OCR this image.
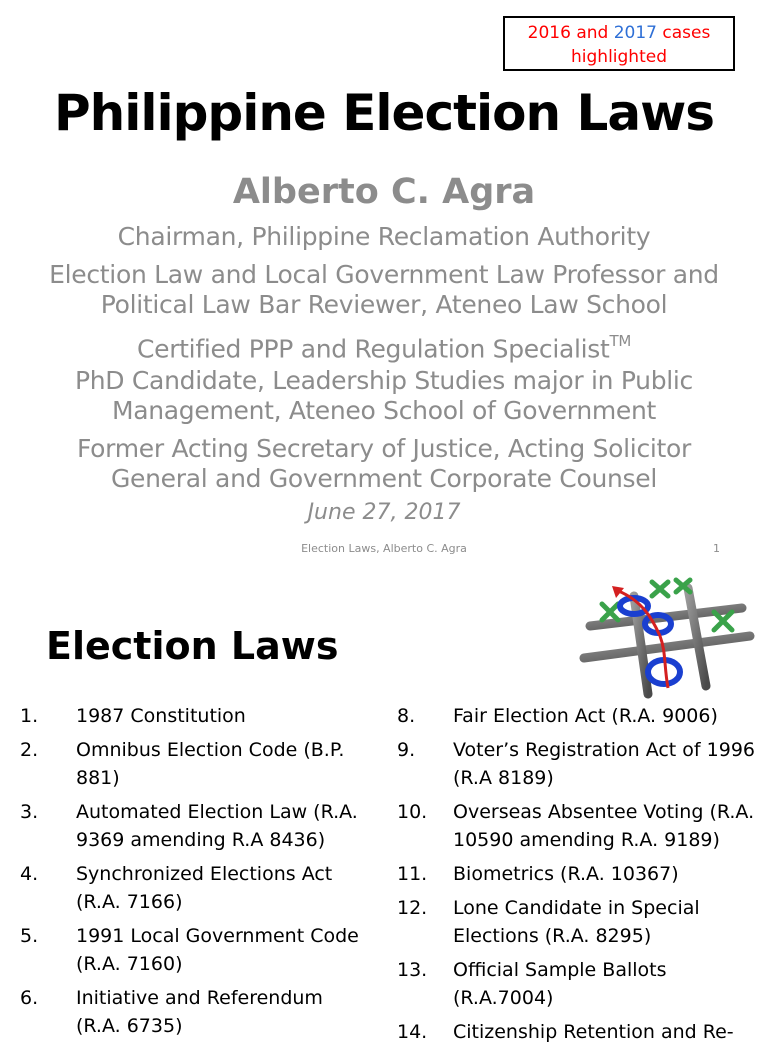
2016 and 2017 cases
highlighted
Philippine Election Laws
Alberto C. Agra
Chairman, Philippine Reclamation Authority
Election Law and Local Government Law Professor and Political Law Bar Reviewer, Ateneo Law School
Certified PPP and Regulation Specialist™
PhD Candidate, Leadership Studies major in Public Management, Ateneo School of Government
Former Acting Secretary of Justice, Acting Solicitor General and Government Corporate Counsel
June 27, 2017
Election Laws, Alberto C. Agra	1
Election Laws
1.	1987 Constitution
2.	Omnibus Election Code (B.P. 881)
3.	Automated Election Law (R.A. 9369 amending R.A 8436)
4.	Synchronized Elections Act (R.A. 7166)
5.	1991 Local Government Code (R.A. 7160)
6.	Initiative and Referendum (R.A. 6735)
8.	Fair Election Act (R.A. 9006)
9.	Voter’s Registration Act of 1996 (R.A 8189)
10.	Overseas Absentee Voting (R.A. 10590 amending R.A. 9189)
11.	Biometrics (R.A. 10367)
12.	Lone Candidate in Special Elections (R.A. 8295)
13.	Official Sample Ballots (R.A.7004)
14.	Citizenship Retention and Re-
